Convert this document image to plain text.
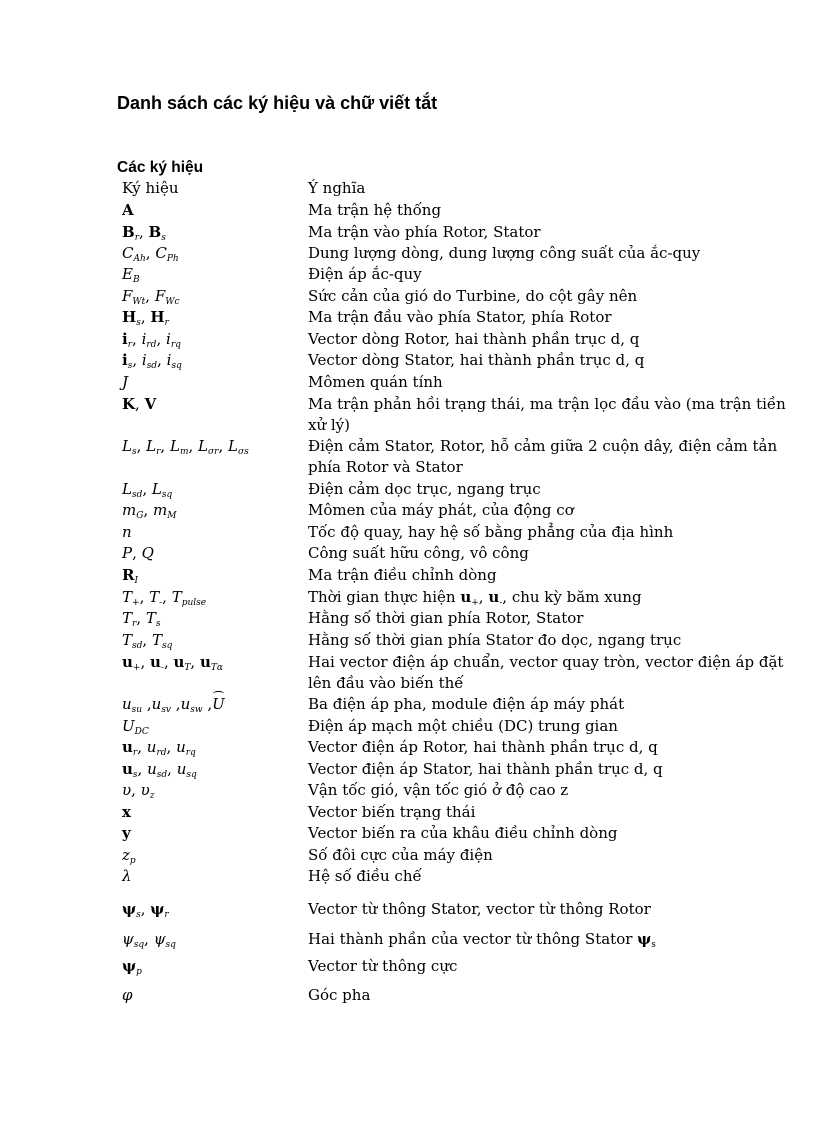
Danh sách các ký hiệu và chữ viết tắt
Các ký hiệu
Ký hiệu	Ý nghĩa
A	Ma trận hệ thống
$B_r$, $B_s$	Ma trận vào phía Rotor, Stator
$C_{Ah}$, $C_{Ph}$	Dung lượng dòng, dung lượng công suất của ắc-quy
$E_B$	Điện áp ắc-quy
$F_{Wt}$, $F_{Wc}$	Sức cản của gió do Turbine, do cột gây nên
$H_s$, $H_r$	Ma trận đầu vào phía Stator, phía Rotor
$i_r$, $i_{rd}$, $i_{rq}$	Vector dòng Rotor, hai thành phần trục d, q
$i_s$, $i_{sd}$, $i_{sq}$	Vector dòng Stator, hai thành phần trục d, q
J	Mômen quán tính
K, V	Ma trận phản hồi trạng thái, ma trận lọc đầu vào (ma trận tiền xử lý)
$L_s$, $L_r$, $L_m$, $L_{\sigma r}$, $L_{\sigma s}$	Điện cảm Stator, Rotor, hỗ cảm giữa 2 cuộn dây, điện cảm tản phía Rotor và Stator
$L_{sd}$, $L_{sq}$	Điện cảm dọc trục, ngang trục
$m_G$, $m_M$	Mômen của máy phát, của động cơ
n	Tốc độ quay, hay hệ số bằng phẳng của địa hình
P, Q	Công suất hữu công, vô công
$R_I$	Ma trận điều chỉnh dòng
$T_+$, $T_-$, $T_{pulse}$	Thời gian thực hiện $u_+$, $u_-$, chu kỳ băm xung
$T_r$, $T_s$	Hằng số thời gian phía Rotor, Stator
$T_{sd}$, $T_{sq}$	Hằng số thời gian phía Stator đo dọc, ngang trục
$u_+$, $u_-$, $u_T$, $u_{T\alpha}$	Hai vector điện áp chuẩn, vector quay tròn, vector điện áp đặt lên đầu vào biến thế
$u_{su}$ $,u_{sv}$ $,u_{sw}$ ,U	Ba điện áp pha, module điện áp máy phát
$U_{DC}$	Điện áp mạch một chiều (DC) trung gian
$u_r$, $u_{rd}$, $u_{rq}$	Vector điện áp Rotor, hai thành phần trục d, q
$u_s$, $u_{sd}$, $u_{sq}$	Vector điện áp Stator, hai thành phần trục d, q
υ, $\upsilon_z$	Vận tốc gió, vận tốc gió ở độ cao z
x	Vector biến trạng thái
y	Vector biến ra của khâu điều chỉnh dòng
$z_p$	Số đôi cực của máy điện
λ	Hệ số điều chế
$\psi_s$, $\psi_r$	Vector từ thông Stator, vector từ thông Rotor
$\psi_{sq}$, $\psi_{sq}$	Hai thành phần của vector từ thông Stator $\psi_s$
$\psi_p$	Vector từ thông cực
φ	Góc pha
